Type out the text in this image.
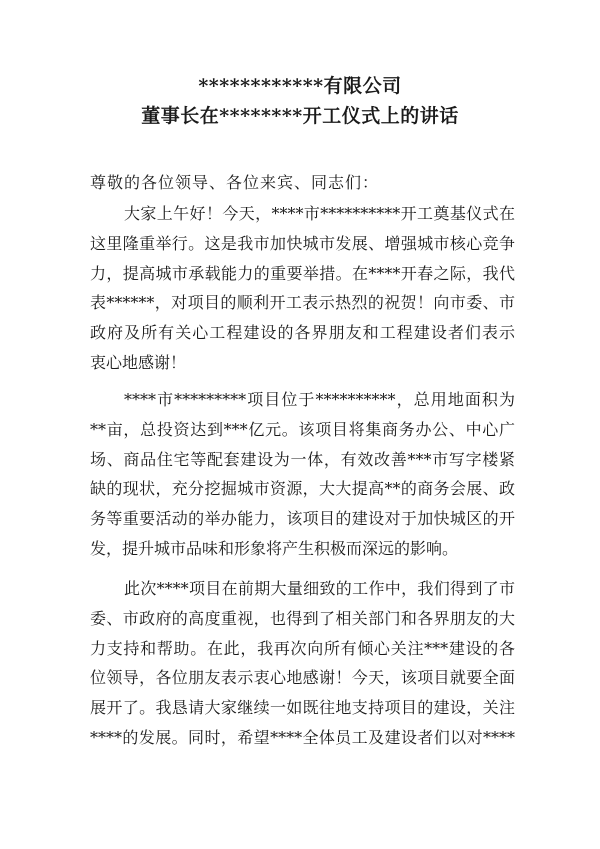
************有限公司
董事长在********开工仪式上的讲话
尊敬的各位领导、各位来宾、同志们：
大家上午好！今天，****市**********开工奠基仪式在
这里隆重举行。这是我市加快城市发展、增强城市核心竞争
力，提高城市承载能力的重要举措。在****开春之际，我代
表******，对项目的顺利开工表示热烈的祝贺！向市委、市
政府及所有关心工程建设的各界朋友和工程建设者们表示
衷心地感谢！
****市*********项目位于**********，总用地面积为
**亩，总投资达到***亿元。该项目将集商务办公、中心广
场、商品住宅等配套建设为一体，有效改善***市写字楼紧
缺的现状，充分挖掘城市资源，大大提高**的商务会展、政
务等重要活动的举办能力，该项目的建设对于加快城区的开
发，提升城市品味和形象将产生积极而深远的影响。
此次****项目在前期大量细致的工作中，我们得到了市
委、市政府的高度重视，也得到了相关部门和各界朋友的大
力支持和帮助。在此，我再次向所有倾心关注***建设的各
位领导，各位朋友表示衷心地感谢！今天，该项目就要全面
展开了。我恳请大家继续一如既往地支持项目的建设，关注
****的发展。同时，希望****全体员工及建设者们以对****
